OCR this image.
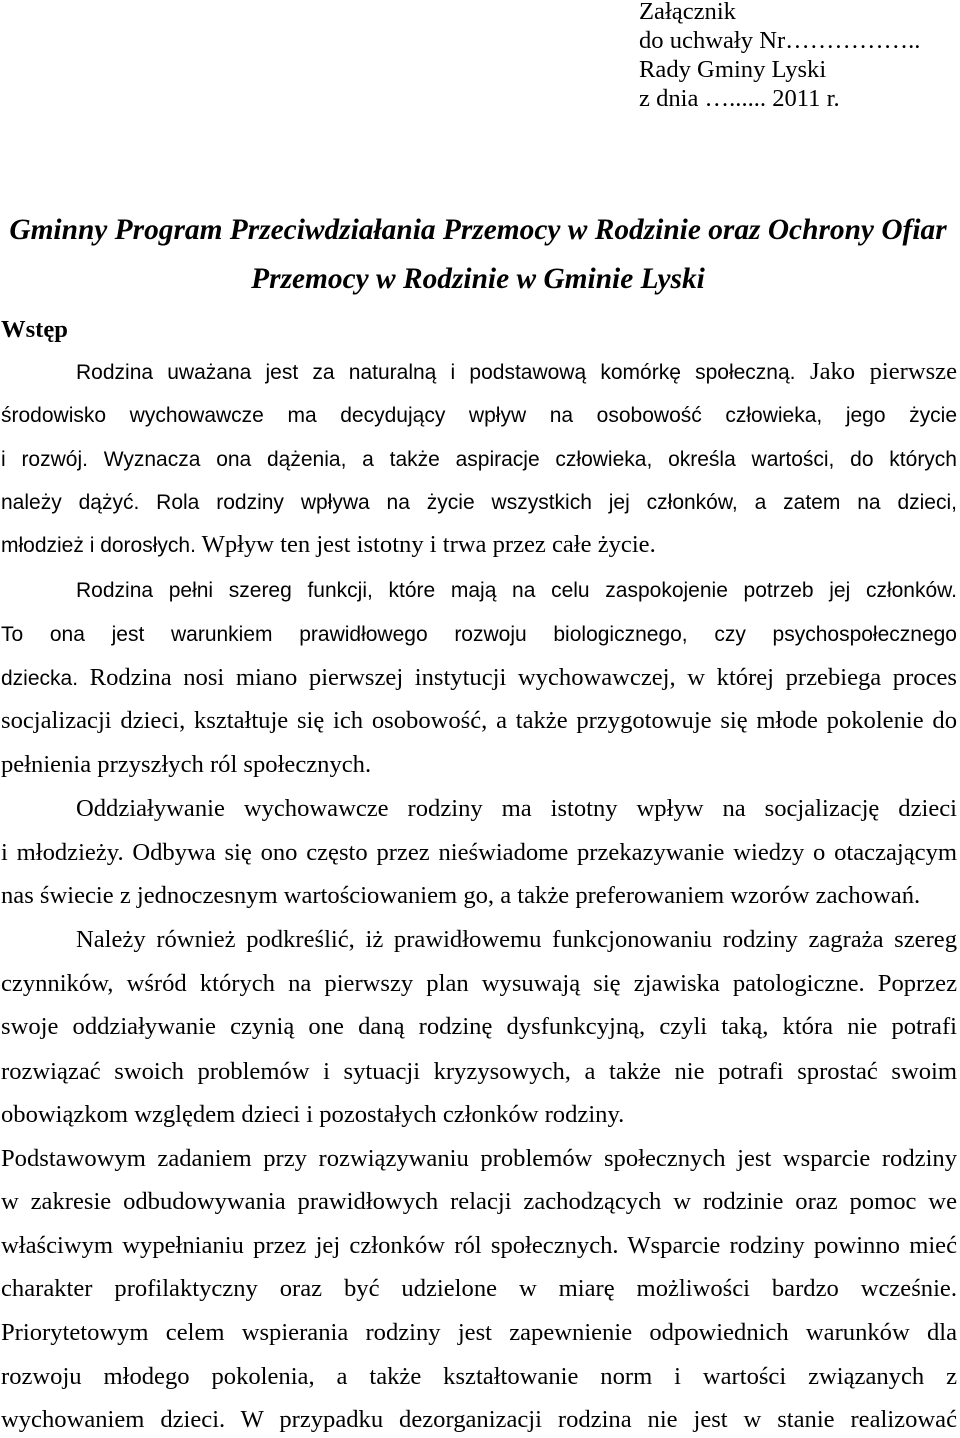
Załącznik
do uchwały Nr……………..
Rady Gminy Lyski
z dnia …...... 2011 r.
Gminny Program Przeciwdziałania Przemocy w Rodzinie oraz Ochrony Ofiar
Przemocy w Rodzinie w Gminie Lyski
Wstęp
Rodzina uważana jest za naturalną i podstawową komórkę społeczną. Jako pierwsze
środowisko wychowawcze ma decydujący wpływ na osobowość człowieka, jego życie
i rozwój. Wyznacza ona dążenia, a także aspiracje człowieka, określa wartości, do których
należy dążyć. Rola rodziny wpływa na życie wszystkich jej członków, a zatem na dzieci,
młodzież i dorosłych. Wpływ ten jest istotny i trwa przez całe życie.
Rodzina pełni szereg funkcji, które mają na celu zaspokojenie potrzeb jej członków.
To ona jest warunkiem prawidłowego rozwoju biologicznego, czy psychospołecznego
dziecka. Rodzina nosi miano pierwszej instytucji wychowawczej, w której przebiega proces
socjalizacji dzieci, kształtuje się ich osobowość, a także przygotowuje się młode pokolenie do
pełnienia przyszłych ról społecznych.
Oddziaływanie wychowawcze rodziny ma istotny wpływ na socjalizację dzieci
i młodzieży. Odbywa się ono często przez nieświadome przekazywanie wiedzy o otaczającym
nas świecie z jednoczesnym wartościowaniem go, a także preferowaniem wzorów zachowań.
Należy również podkreślić, iż prawidłowemu funkcjonowaniu rodziny zagraża szereg
czynników, wśród których na pierwszy plan wysuwają się zjawiska patologiczne. Poprzez
swoje oddziaływanie czynią one daną rodzinę dysfunkcyjną, czyli taką, która nie potrafi
rozwiązać swoich problemów i sytuacji kryzysowych, a także nie potrafi sprostać swoim
obowiązkom względem dzieci i pozostałych członków rodziny.
Podstawowym zadaniem przy rozwiązywaniu problemów społecznych jest wsparcie rodziny
w zakresie odbudowywania prawidłowych relacji zachodzących w rodzinie oraz pomoc we
właściwym wypełnianiu przez jej członków ról społecznych. Wsparcie rodziny powinno mieć
charakter profilaktyczny oraz być udzielone w miarę możliwości bardzo wcześnie.
Priorytetowym celem wspierania rodziny jest zapewnienie odpowiednich warunków dla
rozwoju młodego pokolenia, a także kształtowanie norm i wartości związanych z
wychowaniem dzieci. W przypadku dezorganizacji rodzina nie jest w stanie realizować
